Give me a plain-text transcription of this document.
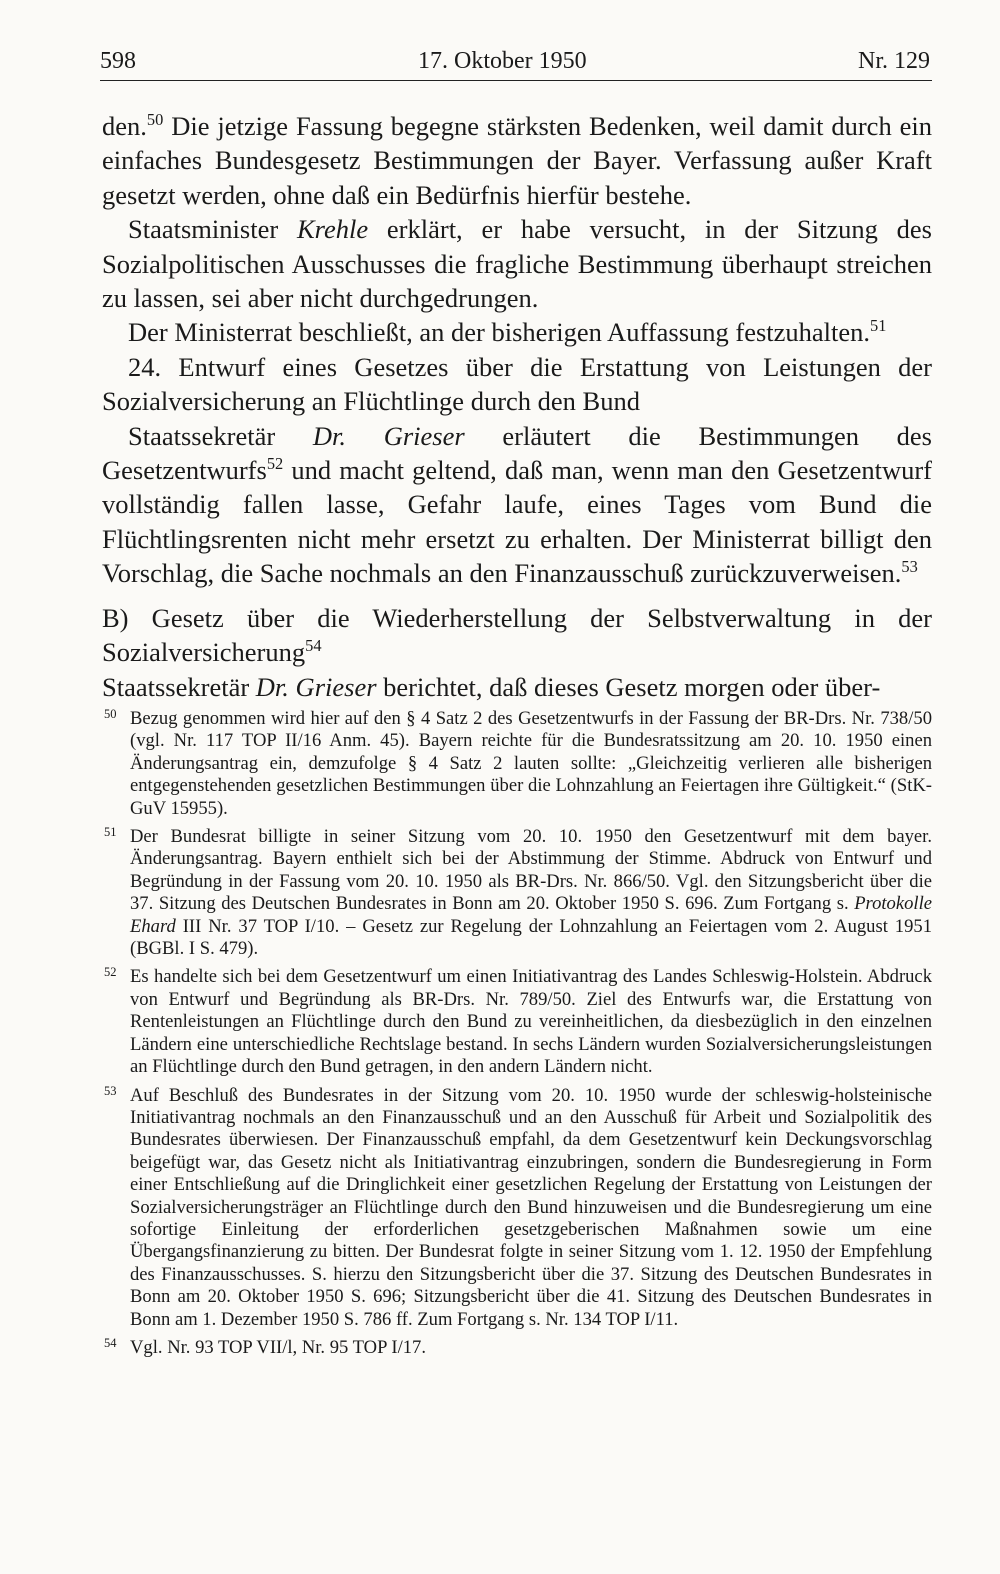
598	17. Oktober 1950	Nr. 129

den.$^{50}$ Die jetzige Fassung begegne stärksten Bedenken, weil damit durch ein einfaches Bundesgesetz Bestimmungen der Bayer. Verfassung außer Kraft gesetzt werden, ohne daß ein Bedürfnis hierfür bestehe.

Staatsminister Krehle erklärt, er habe versucht, in der Sitzung des Sozialpolitischen Ausschusses die fragliche Bestimmung überhaupt streichen zu lassen, sei aber nicht durchgedrungen.

Der Ministerrat beschließt, an der bisherigen Auffassung festzuhalten.$^{51}$

24. Entwurf eines Gesetzes über die Erstattung von Leistungen der Sozialversicherung an Flüchtlinge durch den Bund

Staatssekretär Dr. Grieser erläutert die Bestimmungen des Gesetzentwurfs$^{52}$ und macht geltend, daß man, wenn man den Gesetzentwurf vollständig fallen lasse, Gefahr laufe, eines Tages vom Bund die Flüchtlingsrenten nicht mehr ersetzt zu erhalten. Der Ministerrat billigt den Vorschlag, die Sache nochmals an den Finanzausschuß zurückzuverweisen.$^{53}$

B) Gesetz über die Wiederherstellung der Selbstverwaltung in der Sozialversicherung$^{54}$

Staatssekretär Dr. Grieser berichtet, daß dieses Gesetz morgen oder über-

50 Bezug genommen wird hier auf den § 4 Satz 2 des Gesetzentwurfs in der Fassung der BR-Drs. Nr. 738/50 (vgl. Nr. 117 TOP II/16 Anm. 45). Bayern reichte für die Bundesratssitzung am 20. 10. 1950 einen Änderungsantrag ein, demzufolge § 4 Satz 2 lauten sollte: „Gleichzeitig verlieren alle bisherigen entgegenstehenden gesetzlichen Bestimmungen über die Lohnzahlung an Feiertagen ihre Gültigkeit.“ (StK-GuV 15955).
51 Der Bundesrat billigte in seiner Sitzung vom 20. 10. 1950 den Gesetzentwurf mit dem bayer. Änderungsantrag. Bayern enthielt sich bei der Abstimmung der Stimme. Abdruck von Entwurf und Begründung in der Fassung vom 20. 10. 1950 als BR-Drs. Nr. 866/50. Vgl. den Sitzungsbericht über die 37. Sitzung des Deutschen Bundesrates in Bonn am 20. Oktober 1950 S. 696. Zum Fortgang s. Protokolle Ehard III Nr. 37 TOP I/10. – Gesetz zur Regelung der Lohnzahlung an Feiertagen vom 2. August 1951 (BGBl. I S. 479).
52 Es handelte sich bei dem Gesetzentwurf um einen Initiativantrag des Landes Schleswig-Holstein. Abdruck von Entwurf und Begründung als BR-Drs. Nr. 789/50. Ziel des Entwurfs war, die Erstattung von Rentenleistungen an Flüchtlinge durch den Bund zu vereinheitlichen, da diesbezüglich in den einzelnen Ländern eine unterschiedliche Rechtslage bestand. In sechs Ländern wurden Sozialversicherungsleistungen an Flüchtlinge durch den Bund getragen, in den andern Ländern nicht.
53 Auf Beschluß des Bundesrates in der Sitzung vom 20. 10. 1950 wurde der schleswig-holsteinische Initiativantrag nochmals an den Finanzausschuß und an den Ausschuß für Arbeit und Sozialpolitik des Bundesrates überwiesen. Der Finanzausschuß empfahl, da dem Gesetzentwurf kein Deckungsvorschlag beigefügt war, das Gesetz nicht als Initiativantrag einzubringen, sondern die Bundesregierung in Form einer Entschließung auf die Dringlichkeit einer gesetzlichen Regelung der Erstattung von Leistungen der Sozialversicherungsträger an Flüchtlinge durch den Bund hinzuweisen und die Bundesregierung um eine sofortige Einleitung der erforderlichen gesetzgeberischen Maßnahmen sowie um eine Übergangsfinanzierung zu bitten. Der Bundesrat folgte in seiner Sitzung vom 1. 12. 1950 der Empfehlung des Finanzausschusses. S. hierzu den Sitzungsbericht über die 37. Sitzung des Deutschen Bundesrates in Bonn am 20. Oktober 1950 S. 696; Sitzungsbericht über die 41. Sitzung des Deutschen Bundesrates in Bonn am 1. Dezember 1950 S. 786 ff. Zum Fortgang s. Nr. 134 TOP I/11.
54 Vgl. Nr. 93 TOP VII/l, Nr. 95 TOP I/17.
